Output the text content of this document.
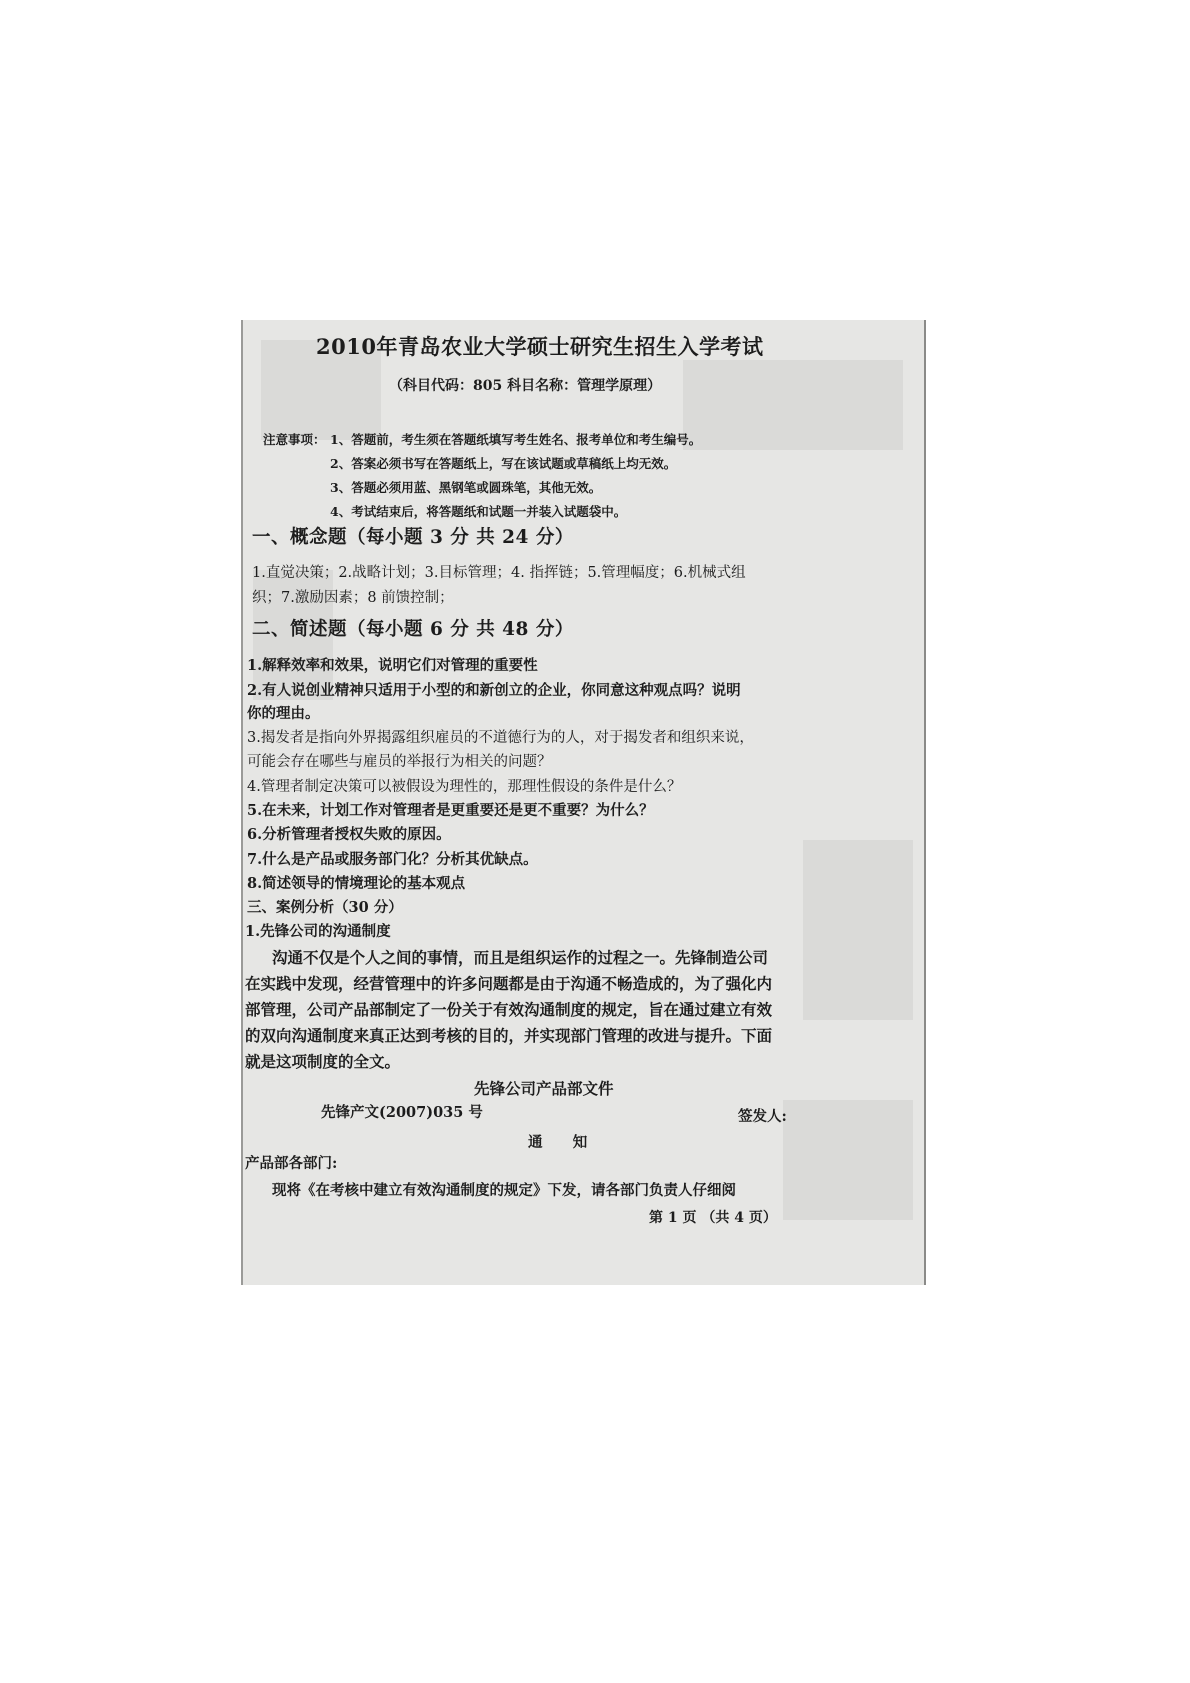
2010年青岛农业大学硕士研究生招生入学考试
（科目代码：805 科目名称：管理学原理）
注意事项： 1、答题前，考生须在答题纸填写考生姓名、报考单位和考生编号。
2、答案必须书写在答题纸上，写在该试题或草稿纸上均无效。
3、答题必须用蓝、黑钢笔或圆珠笔，其他无效。
4、考试结束后，将答题纸和试题一并装入试题袋中。
一、概念题（每小题 3 分 共 24 分）
1.直觉决策；2.战略计划；3.目标管理；4. 指挥链；5.管理幅度；6.机械式组
织；7.激励因素；8 前馈控制；
二、简述题（每小题 6 分 共 48 分）
1.解释效率和效果，说明它们对管理的重要性
2.有人说创业精神只适用于小型的和新创立的企业，你同意这种观点吗？说明
你的理由。
3.揭发者是指向外界揭露组织雇员的不道德行为的人，对于揭发者和组织来说，
可能会存在哪些与雇员的举报行为相关的问题？
4.管理者制定决策可以被假设为理性的，那理性假设的条件是什么？
5.在未来，计划工作对管理者是更重要还是更不重要？为什么？
6.分析管理者授权失败的原因。
7.什么是产品或服务部门化？分析其优缺点。
8.简述领导的情境理论的基本观点
三、案例分析（30 分）
1.先锋公司的沟通制度
沟通不仅是个人之间的事情，而且是组织运作的过程之一。先锋制造公司
在实践中发现，经营管理中的许多问题都是由于沟通不畅造成的，为了强化内
部管理，公司产品部制定了一份关于有效沟通制度的规定，旨在通过建立有效
的双向沟通制度来真正达到考核的目的，并实现部门管理的改进与提升。下面
就是这项制度的全文。
先锋公司产品部文件
先锋产文(2007)035 号	签发人:
通      知
产品部各部门:
现将《在考核中建立有效沟通制度的规定》下发，请各部门负责人仔细阅
第 1 页 （共 4 页）
